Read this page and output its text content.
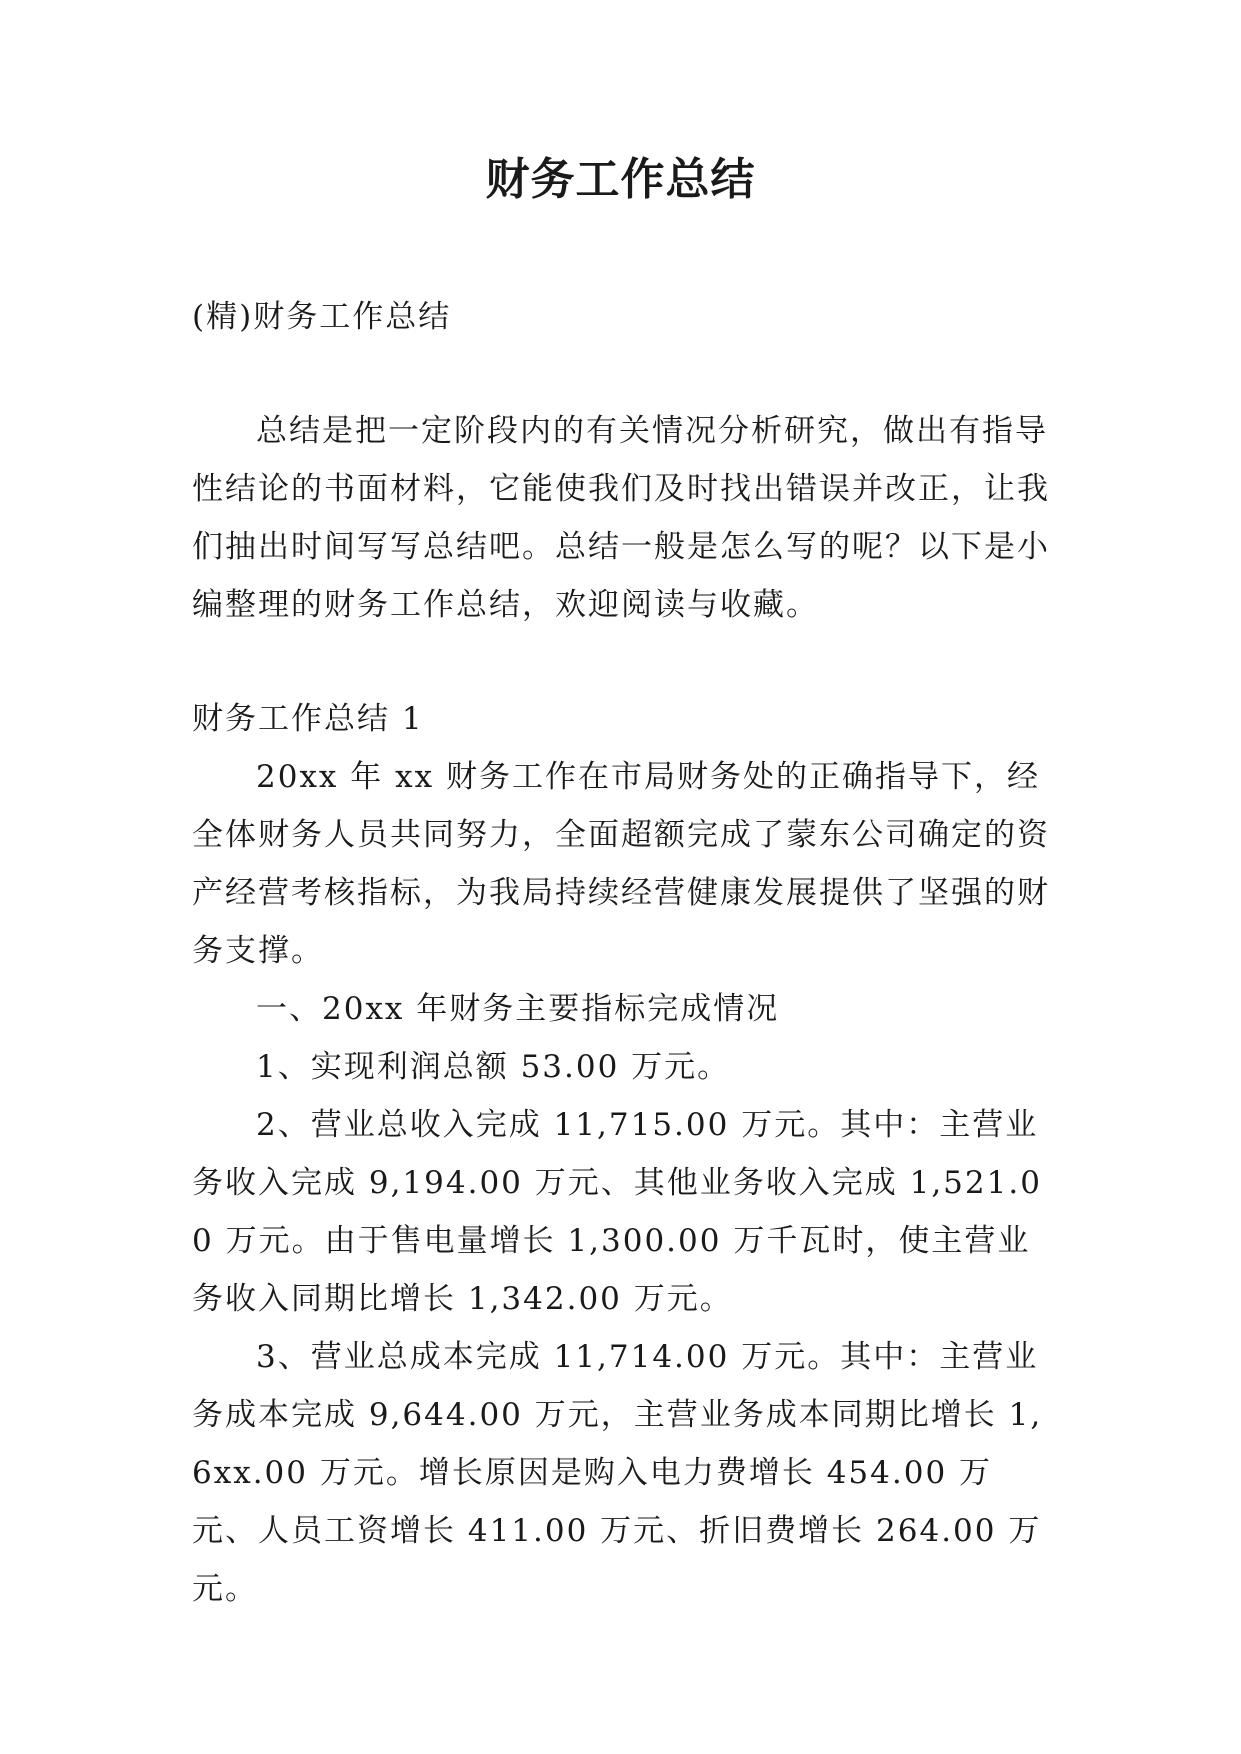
财务工作总结

(精)财务工作总结

总结是把一定阶段内的有关情况分析研究，做出有指导性结论的书面材料，它能使我们及时找出错误并改正，让我们抽出时间写写总结吧。总结一般是怎么写的呢？以下是小编整理的财务工作总结，欢迎阅读与收藏。

财务工作总结 1

20xx 年 xx 财务工作在市局财务处的正确指导下，经全体财务人员共同努力，全面超额完成了蒙东公司确定的资产经营考核指标，为我局持续经营健康发展提供了坚强的财务支撑。

一、20xx 年财务主要指标完成情况

1、实现利润总额 53.00 万元。

2、营业总收入完成 11,715.00 万元。其中：主营业务收入完成 9,194.00 万元、其他业务收入完成 1,521.00 万元。由于售电量增长 1,300.00 万千瓦时，使主营业务收入同期比增长 1,342.00 万元。

3、营业总成本完成 11,714.00 万元。其中：主营业务成本完成 9,644.00 万元，主营业务成本同期比增长 1,6xx.00 万元。增长原因是购入电力费增长 454.00 万元、人员工资增长 411.00 万元、折旧费增长 264.00 万元。
